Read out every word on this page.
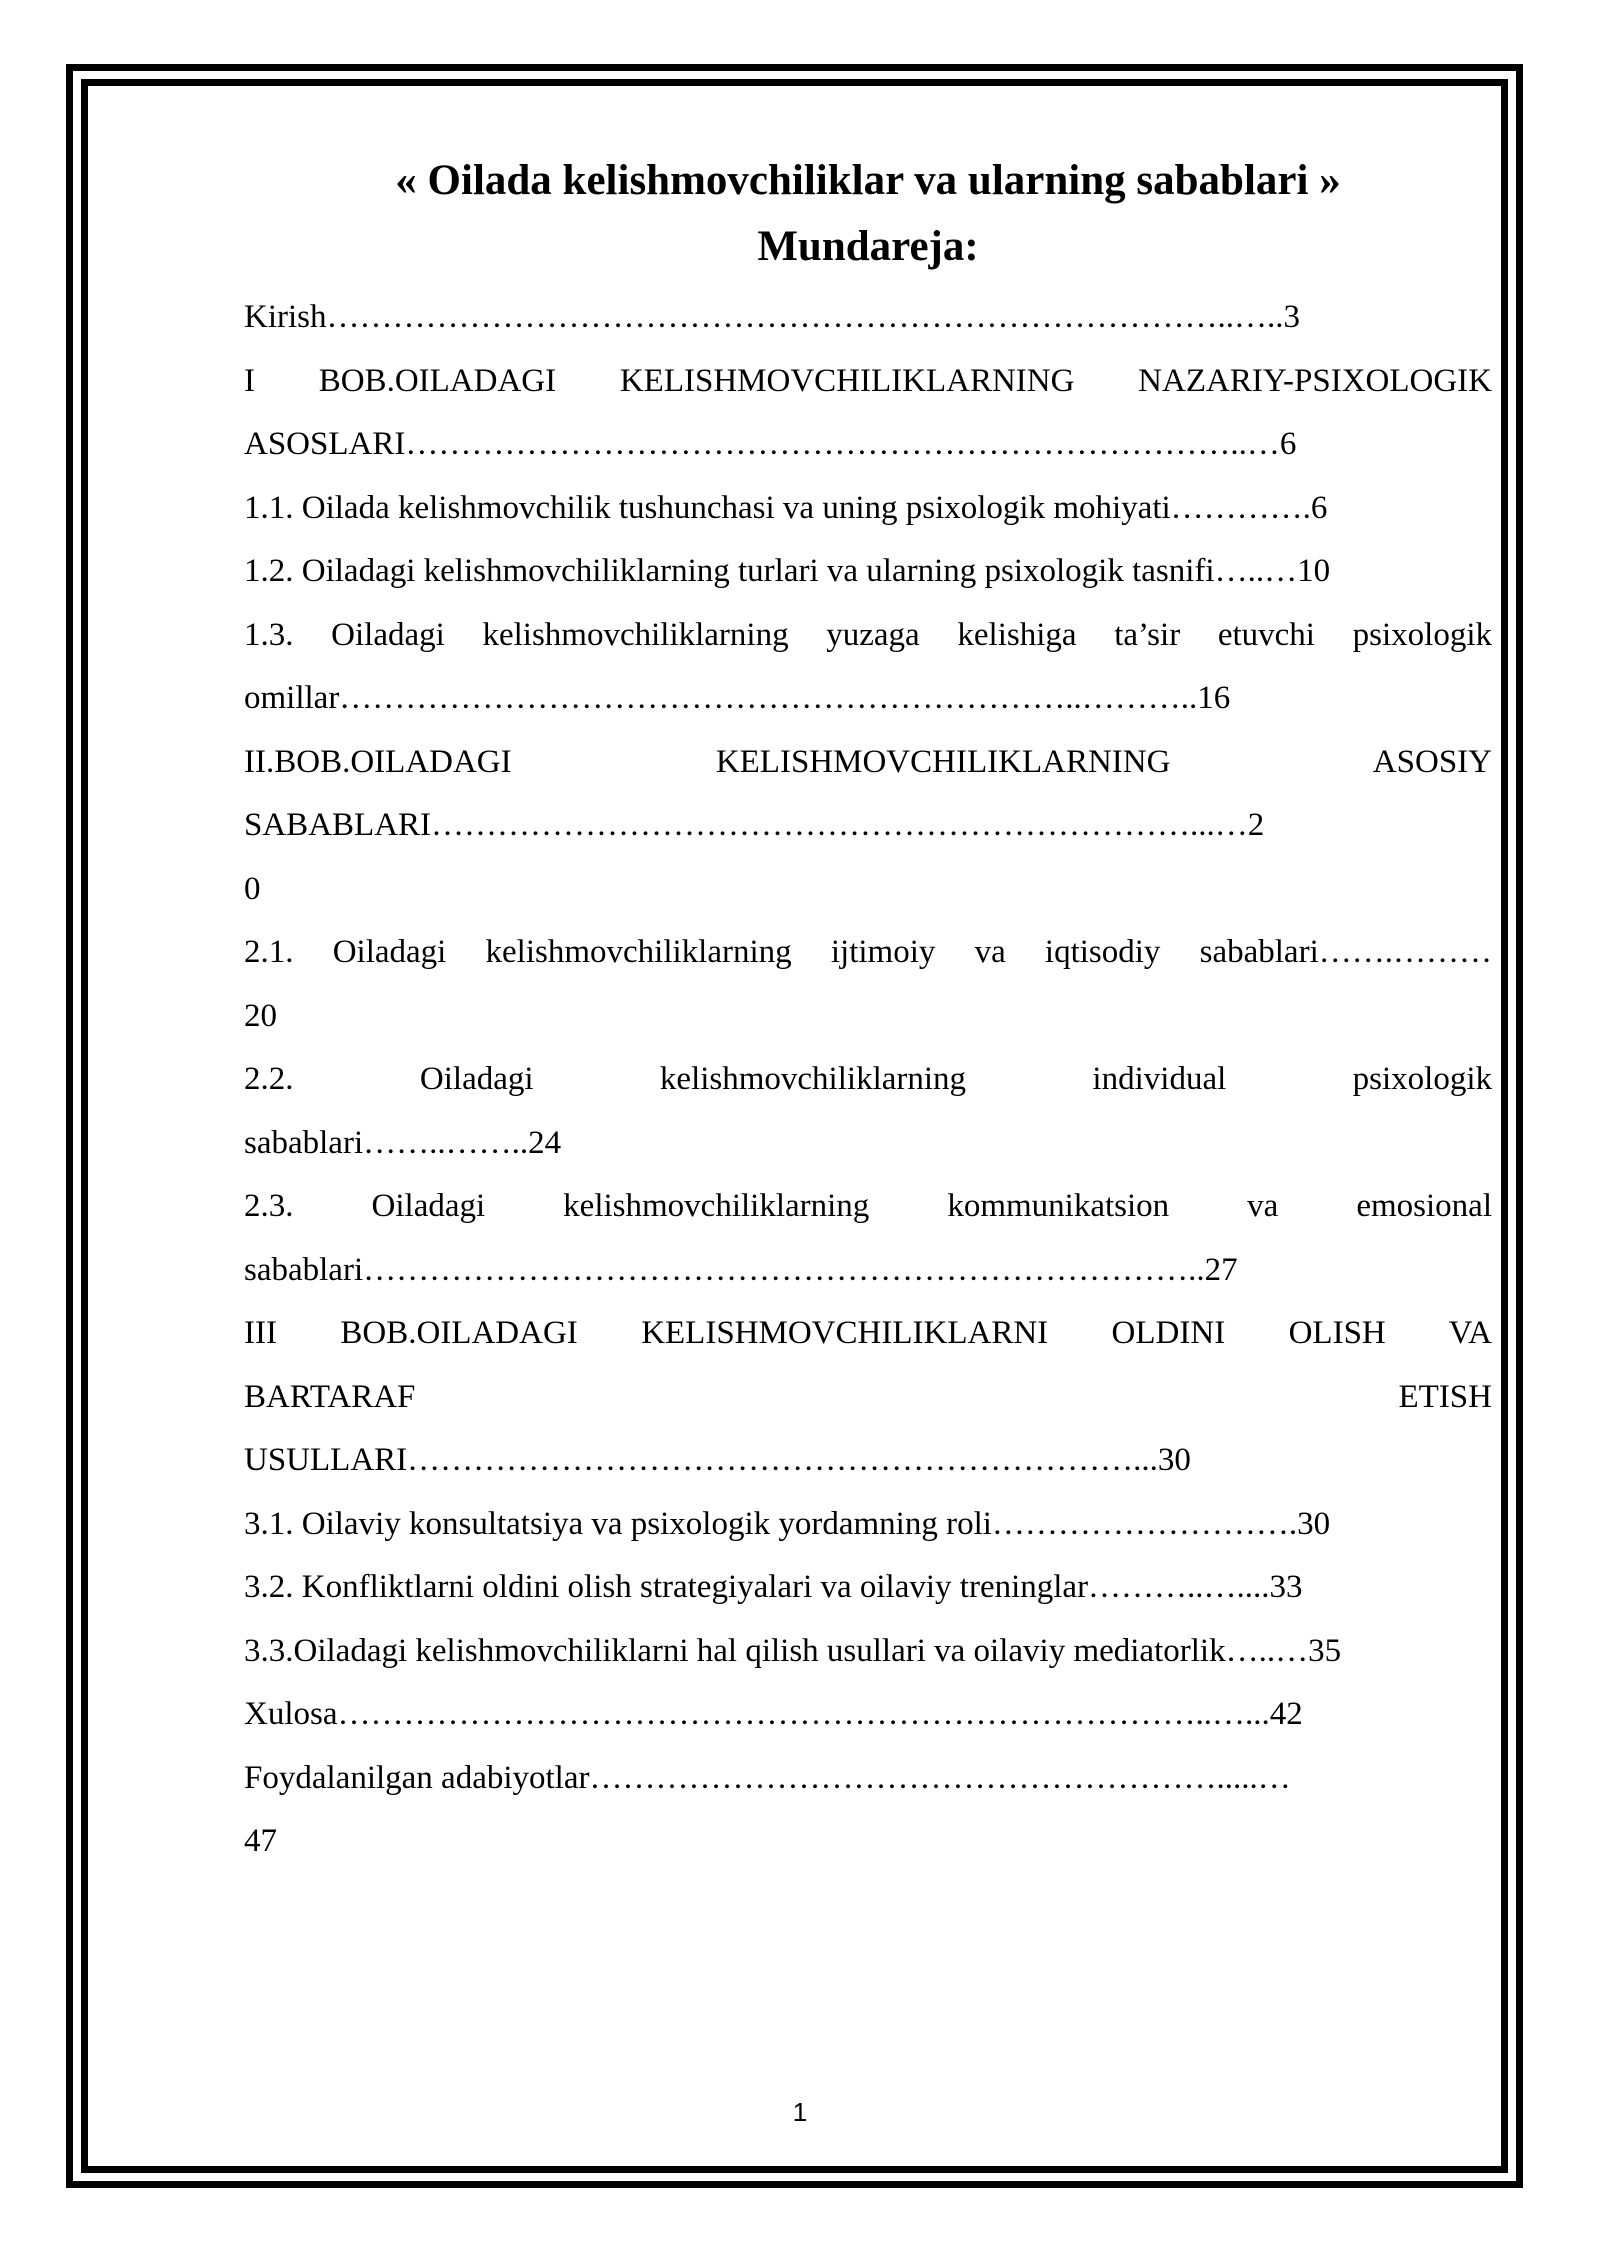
« Oilada kelishmovchiliklar va ularning sabablari »
Mundareja:
Kirish………………………………………………………………………..…..3
I BOB.OILADAGI KELISHMOVCHILIKLARNING NAZARIY-PSIXOLOGIK
ASOSLARI…………………………………………………………………..…6
1.1. Oilada kelishmovchilik tushunchasi va uning psixologik mohiyati………….6
1.2. Oiladagi kelishmovchiliklarning turlari va ularning psixologik tasnifi…..…10
1.3. Oiladagi kelishmovchiliklarning yuzaga kelishiga ta’sir etuvchi psixologik
omillar…………………………………………………………..………..16
II.BOB.OILADAGI KELISHMOVCHILIKLARNING ASOSIY
SABABLARI……………………………………………………………...…2
0
2.1. Oiladagi kelishmovchiliklarning ijtimoiy va iqtisodiy sabablari…….………
20
2.2. Oiladagi kelishmovchiliklarning individual psixologik
sabablari……..……..24
2.3. Oiladagi kelishmovchiliklarning kommunikatsion va emosional
sabablari…………………………………………………………………..27
III BOB.OILADAGI KELISHMOVCHILIKLARNI OLDINI OLISH VA
BARTARAF ETISH
USULLARI…………………………………………………………...30
3.1. Oilaviy konsultatsiya va psixologik yordamning roli……………………….30
3.2. Konfliktlarni oldini olish strategiyalari va oilaviy treninglar………..…....33
3.3.Oiladagi kelishmovchiliklarni hal qilish usullari va oilaviy mediatorlik…..…35
Xulosa……………………………………………………………………..…...42
Foydalanilgan adabiyotlar………………………………………………….....…
47
1
